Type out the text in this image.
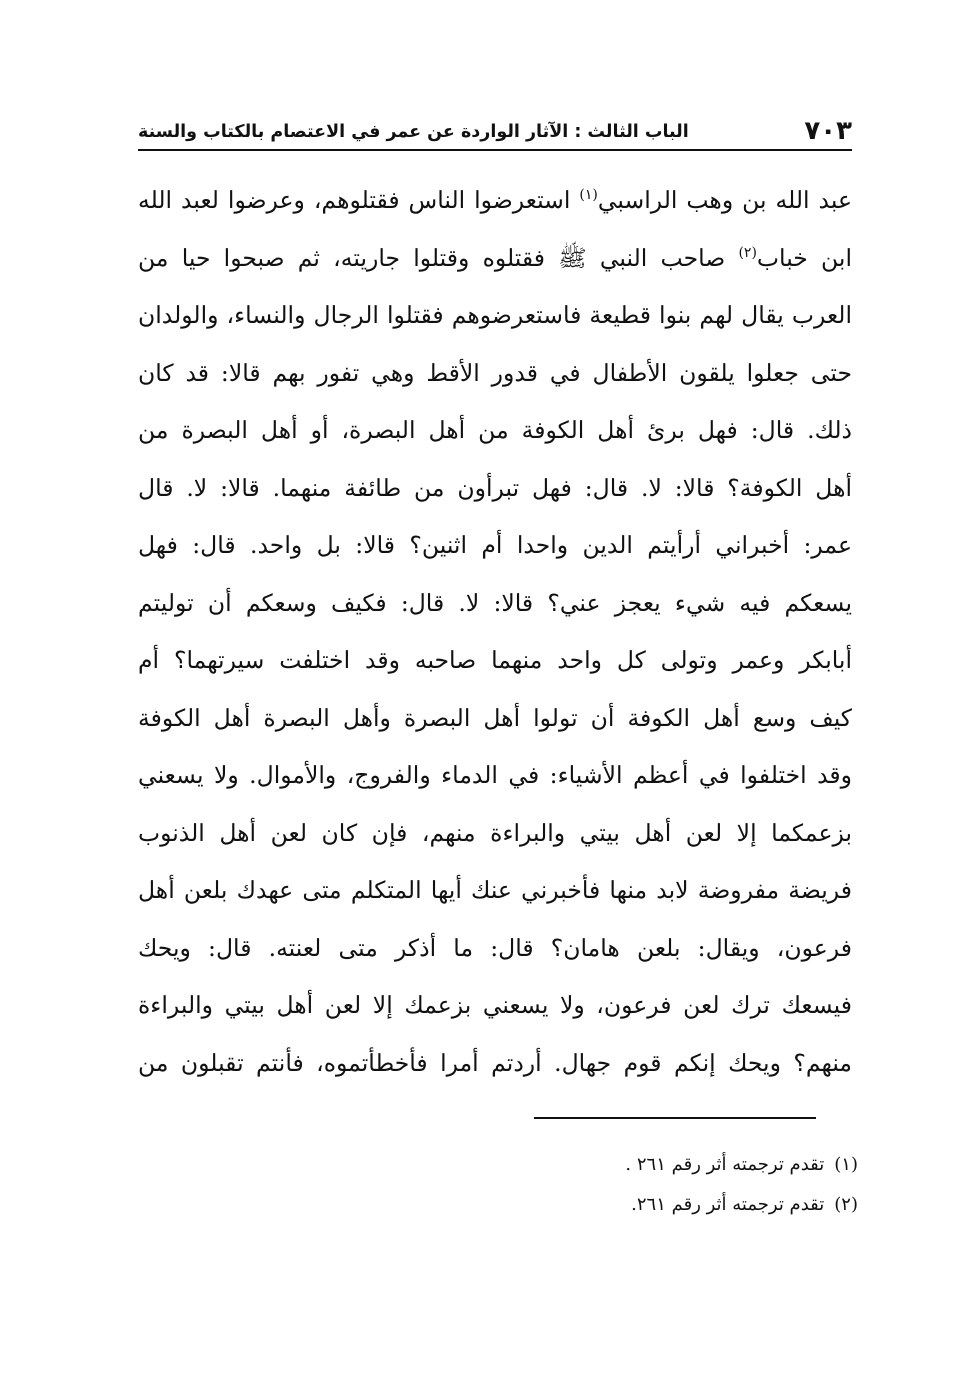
٧٠٣
الباب الثالث : الآثار الواردة عن عمر في الاعتصام بالكتاب والسنة
عبد الله بن وهب الراسبي$^{(١)}$ استعرضوا الناس فقتلوهم، وعرضوا لعبد الله
ابن خباب$^{(٢)}$ صاحب النبي ﷺ فقتلوه وقتلوا جاريته، ثم صبحوا حيا من
العرب يقال لهم بنوا قطيعة فاستعرضوهم فقتلوا الرجال والنساء، والولدان
حتى جعلوا يلقون الأطفال في قدور الأقط وهي تفور بهم قالا: قد كان
ذلك. قال: فهل برئ أهل الكوفة من أهل البصرة، أو أهل البصرة من
أهل الكوفة؟ قالا: لا. قال: فهل تبرأون من طائفة منهما. قالا: لا. قال
عمر: أخبراني أرأيتم الدين واحدا أم اثنين؟ قالا: بل واحد. قال: فهل
يسعكم فيه شيء يعجز عني؟ قالا: لا. قال: فكيف وسعكم أن توليتم
أبابكر وعمر وتولى كل واحد منهما صاحبه وقد اختلفت سيرتهما؟ أم
كيف وسع أهل الكوفة أن تولوا أهل البصرة وأهل البصرة أهل الكوفة
وقد اختلفوا في أعظم الأشياء: في الدماء والفروج، والأموال. ولا يسعني
بزعمكما إلا لعن أهل بيتي والبراءة منهم، فإن كان لعن أهل الذنوب
فريضة مفروضة لابد منها فأخبرني عنك أيها المتكلم متى عهدك بلعن أهل
فرعون، ويقال: بلعن هامان؟ قال: ما أذكر متى لعنته. قال: ويحك
فيسعك ترك لعن فرعون، ولا يسعني بزعمك إلا لعن أهل بيتي والبراءة
منهم؟ ويحك إنكم قوم جهال. أردتم أمرا فأخطأتموه، فأنتم تقبلون من
(١)تقدم ترجمته أثر رقم ٢٦١ .
(٢)تقدم ترجمته أثر رقم ٢٦١.
